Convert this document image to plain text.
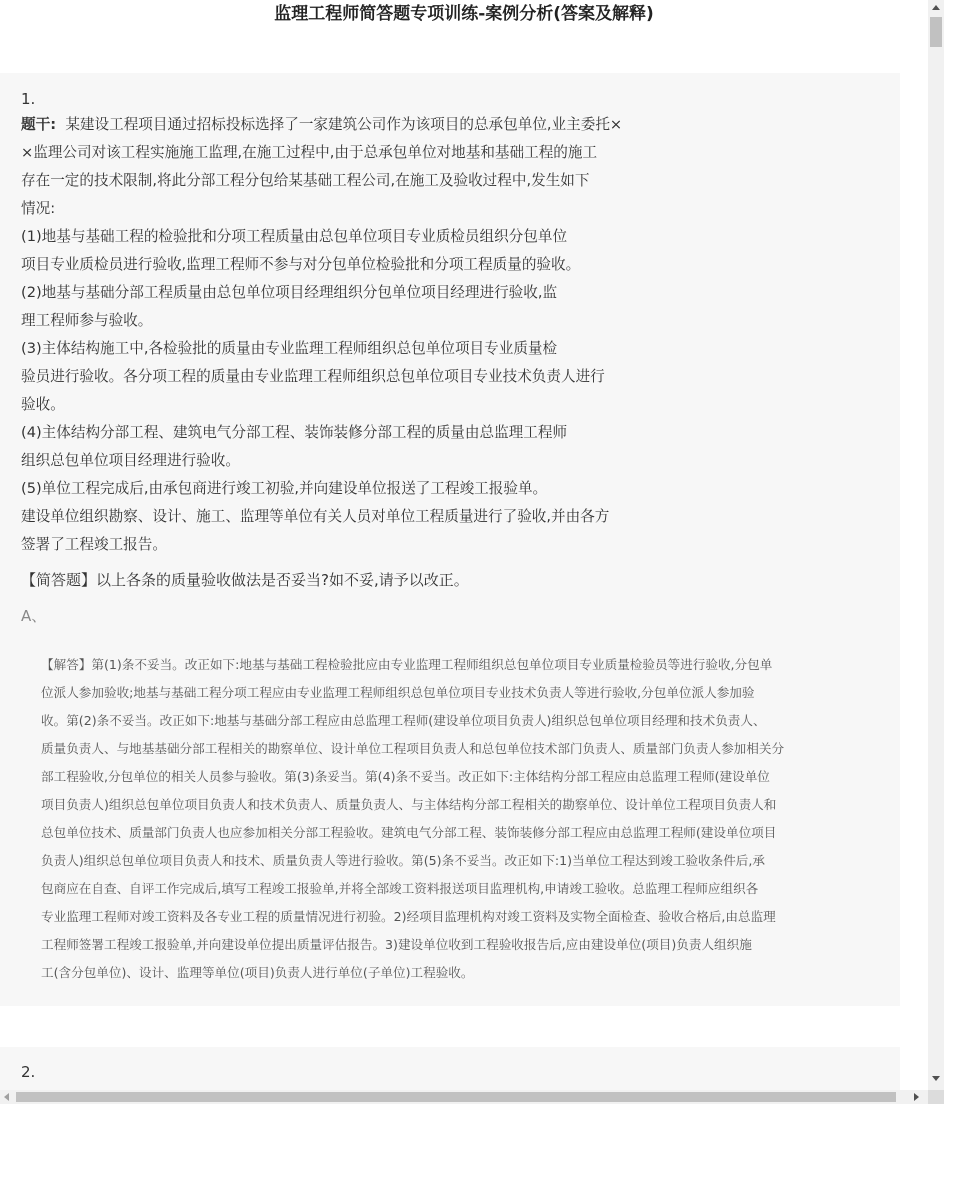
监理工程师简答题专项训练-案例分析(答案及解释)
1.
题干: 某建设工程项目通过招标投标选择了一家建筑公司作为该项目的总承包单位,业主委托×
×监理公司对该工程实施施工监理,在施工过程中,由于总承包单位对地基和基础工程的施工
存在一定的技术限制,将此分部工程分包给某基础工程公司,在施工及验收过程中,发生如下
情况:
(1)地基与基础工程的检验批和分项工程质量由总包单位项目专业质检员组织分包单位
项目专业质检员进行验收,监理工程师不参与对分包单位检验批和分项工程质量的验收。
(2)地基与基础分部工程质量由总包单位项目经理组织分包单位项目经理进行验收,监
理工程师参与验收。
(3)主体结构施工中,各检验批的质量由专业监理工程师组织总包单位项目专业质量检
验员进行验收。各分项工程的质量由专业监理工程师组织总包单位项目专业技术负责人进行
验收。
(4)主体结构分部工程、建筑电气分部工程、装饰装修分部工程的质量由总监理工程师
组织总包单位项目经理进行验收。
(5)单位工程完成后,由承包商进行竣工初验,并向建设单位报送了工程竣工报验单。
建设单位组织勘察、设计、施工、监理等单位有关人员对单位工程质量进行了验收,并由各方
签署了工程竣工报告。
【简答题】以上各条的质量验收做法是否妥当?如不妥,请予以改正。
A、
【解答】第(1)条不妥当。改正如下:地基与基础工程检验批应由专业监理工程师组织总包单位项目专业质量检验员等进行验收,分包单
位派人参加验收;地基与基础工程分项工程应由专业监理工程师组织总包单位项目专业技术负责人等进行验收,分包单位派人参加验
收。第(2)条不妥当。改正如下:地基与基础分部工程应由总监理工程师(建设单位项目负责人)组织总包单位项目经理和技术负责人、
质量负责人、与地基基础分部工程相关的勘察单位、设计单位工程项目负责人和总包单位技术部门负责人、质量部门负责人参加相关分
部工程验收,分包单位的相关人员参与验收。第(3)条妥当。第(4)条不妥当。改正如下:主体结构分部工程应由总监理工程师(建设单位
项目负责人)组织总包单位项目负责人和技术负责人、质量负责人、与主体结构分部工程相关的勘察单位、设计单位工程项目负责人和
总包单位技术、质量部门负责人也应参加相关分部工程验收。建筑电气分部工程、装饰装修分部工程应由总监理工程师(建设单位项目
负责人)组织总包单位项目负责人和技术、质量负责人等进行验收。第(5)条不妥当。改正如下:1)当单位工程达到竣工验收条件后,承
包商应在自查、自评工作完成后,填写工程竣工报验单,并将全部竣工资料报送项目监理机构,申请竣工验收。总监理工程师应组织各
专业监理工程师对竣工资料及各专业工程的质量情况进行初验。2)经项目监理机构对竣工资料及实物全面检查、验收合格后,由总监理
工程师签署工程竣工报验单,并向建设单位提出质量评估报告。3)建设单位收到工程验收报告后,应由建设单位(项目)负责人组织施
工(含分包单位)、设计、监理等单位(项目)负责人进行单位(子单位)工程验收。
2.
